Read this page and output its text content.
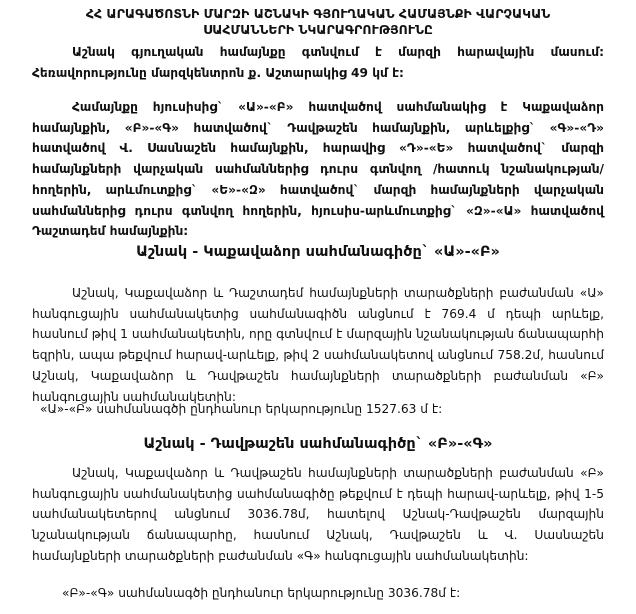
ՀՀ ԱՐԱԳԱԾՈՏՆԻ ՄԱՐԶԻ ԱՇՆԱԿԻ ԳՅՈՒՂԱԿԱՆ ՀԱՄԱՅՆՔԻ ՎԱՐՉԱԿԱՆ
ՍԱՀՄԱՆՆԵՐԻ ՆԿԱՐԱԳՐՈՒԹՅՈՒՆԸ

Աշնակ գյուղական համայնքը գտնվում է մարզի հարավային մասում: Հեռավորությունը մարզկենտրոն ք. Աշտարակից 49 կմ է:

Համայնքը հյուսիսից` «Ա»-«Բ» հատվածով սահմանակից է Կաքավաձոր համայնքին, «Բ»-«Գ» հատվածով` Դավթաշեն համայնքին, արևելքից` «Գ»-«Դ» հատվածով Վ. Սասնաշեն համայնքին, հարավից «Դ»-«Ե» հատվածով` մարզի համայնքների վարչական սահմաններից դուրս գտնվող /հատուկ նշանակության/ հողերին, արևմուտքից` «Ե»-«Զ» հատվածով` մարզի համայնքների վարչական սահմաններից դուրս գտնվող հողերին, հյուսիս-արևմուտքից` «Զ»-«Ա» հատվածով Դաշտադեմ համայնքին:

Աշնակ - Կաքավաձոր սահմանագիծը` «Ա»-«Բ»

Աշնակ, Կաքավաձոր և Դաշտադեմ համայնքների տարածքների բաժանման «Ա» հանգուցային սահմանակետից սահմանագիծն անցնում է 769.4 մ դեպի արևելք, հասնում թիվ 1 սահմանակետին, որը գտնվում է մարզային նշանակության ճանապարհի եզրին, ապա թեքվում հարավ-արևելք, թիվ 2 սահմանակետով անցնում 758.2մ, հասնում Աշնակ, Կաքավաձոր և Դավթաշեն համայնքների տարածքների բաժանման «Բ» հանգուցային սահմանակետին:

«Ա»-«Բ» սահմանագծի ընդհանուր երկարությունը 1527.63 մ է:
Աշնակ - Դավթաշեն սահմանագիծը` «Բ»-«Գ»

Աշնակ, Կաքավաձոր և Դավթաշեն համայնքների տարածքների բաժանման «Բ» հանգուցային սահմանակետից սահմանագիծը թեքվում է դեպի հարավ-արևելք, թիվ 1-5 սահմանակետերով անցնում 3036.78մ, հատելով Աշնակ-Դավթաշեն մարզային նշանակության ճանապարհը, հասնում Աշնակ, Դավթաշեն և Վ. Սասնաշեն համայնքների տարածքների բաժանման «Գ» հանգուցային սահմանակետին:

«Բ»-«Գ» սահմանագծի ընդհանուր երկարությունը 3036.78մ է:
